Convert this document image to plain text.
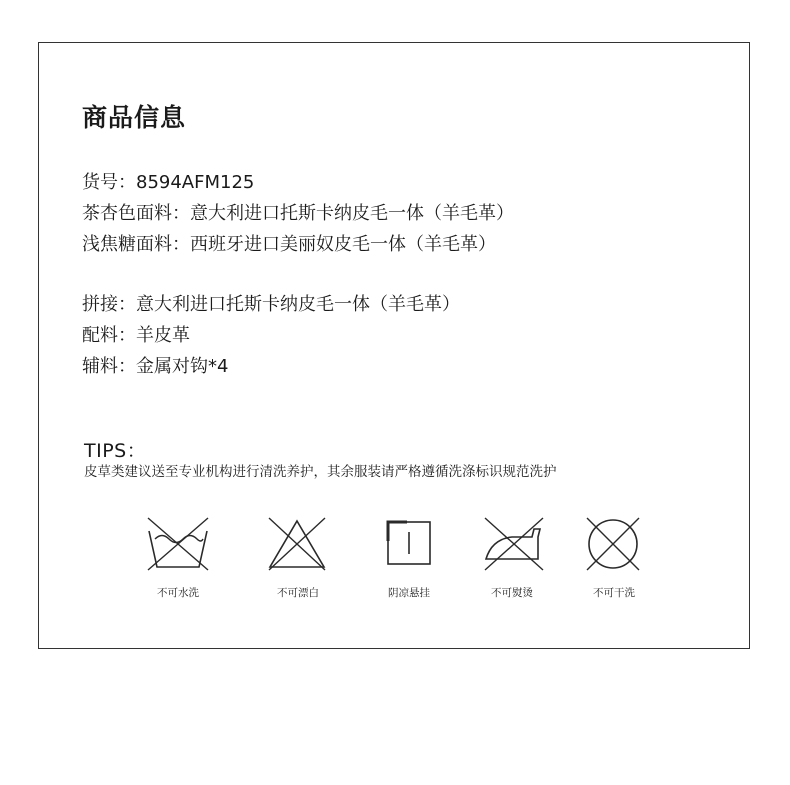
商品信息
货号：8594AFM125
茶杏色面料：意大利进口托斯卡纳皮毛一体（羊毛革）
浅焦糖面料：西班牙进口美丽奴皮毛一体（羊毛革）
拼接：意大利进口托斯卡纳皮毛一体（羊毛革）
配料：羊皮革
辅料：金属对钩*4
TIPS：
皮草类建议送至专业机构进行清洗养护，其余服装请严格遵循洗涤标识规范洗护
不可水洗	不可漂白	阴凉悬挂	不可熨烫	不可干洗
